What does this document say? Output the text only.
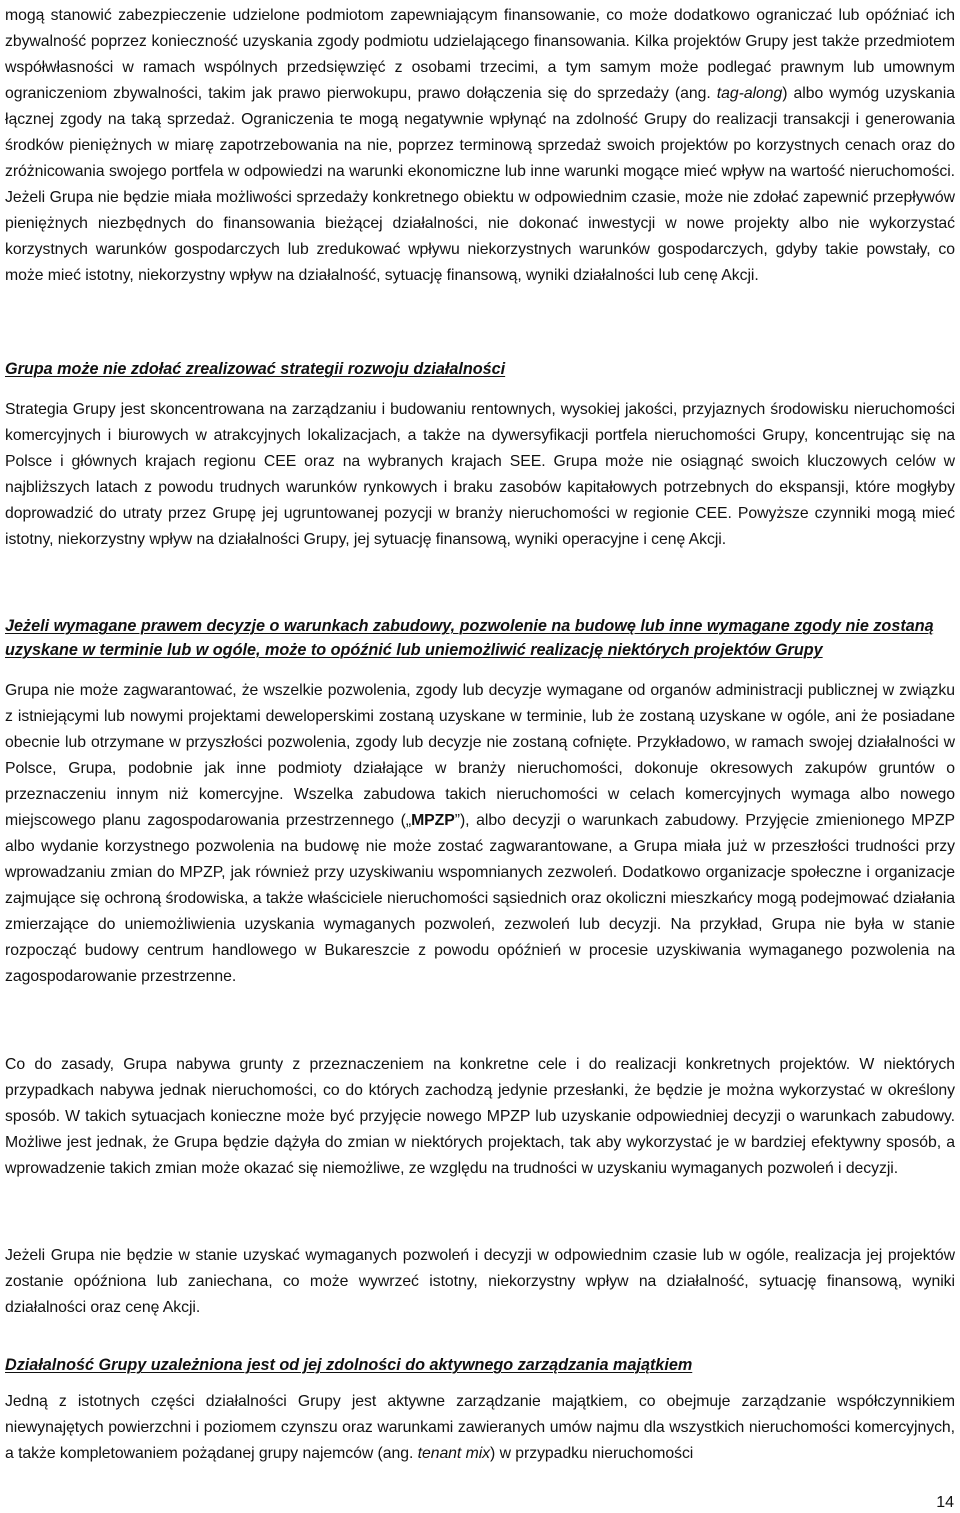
mogą stanowić zabezpieczenie udzielone podmiotom zapewniającym finansowanie, co może dodatkowo ograniczać lub opóźniać ich zbywalność poprzez konieczność uzyskania zgody podmiotu udzielającego finansowania. Kilka projektów Grupy jest także przedmiotem współwłasności w ramach wspólnych przedsięwzięć z osobami trzecimi, a tym samym może podlegać prawnym lub umownym ograniczeniom zbywalności, takim jak prawo pierwokupu, prawo dołączenia się do sprzedaży (ang. tag-along) albo wymóg uzyskania łącznej zgody na taką sprzedaż. Ograniczenia te mogą negatywnie wpłynąć na zdolność Grupy do realizacji transakcji i generowania środków pieniężnych w miarę zapotrzebowania na nie, poprzez terminową sprzedaż swoich projektów po korzystnych cenach oraz do zróżnicowania swojego portfela w odpowiedzi na warunki ekonomiczne lub inne warunki mogące mieć wpływ na wartość nieruchomości. Jeżeli Grupa nie będzie miała możliwości sprzedaży konkretnego obiektu w odpowiednim czasie, może nie zdołać zapewnić przepływów pieniężnych niezbędnych do finansowania bieżącej działalności, nie dokonać inwestycji w nowe projekty albo nie wykorzystać korzystnych warunków gospodarczych lub zredukować wpływu niekorzystnych warunków gospodarczych, gdyby takie powstały, co może mieć istotny, niekorzystny wpływ na działalność, sytuację finansową, wyniki działalności lub cenę Akcji.

Grupa może nie zdołać zrealizować strategii rozwoju działalności

Strategia Grupy jest skoncentrowana na zarządzaniu i budowaniu rentownych, wysokiej jakości, przyjaznych środowisku nieruchomości komercyjnych i biurowych w atrakcyjnych lokalizacjach, a także na dywersyfikacji portfela nieruchomości Grupy, koncentrując się na Polsce i głównych krajach regionu CEE oraz na wybranych krajach SEE. Grupa może nie osiągnąć swoich kluczowych celów w najbliższych latach z powodu trudnych warunków rynkowych i braku zasobów kapitałowych potrzebnych do ekspansji, które mogłyby doprowadzić do utraty przez Grupę jej ugruntowanej pozycji w branży nieruchomości w regionie CEE. Powyższe czynniki mogą mieć istotny, niekorzystny wpływ na działalności Grupy, jej sytuację finansową, wyniki operacyjne i cenę Akcji.

Jeżeli wymagane prawem decyzje o warunkach zabudowy, pozwolenie na budowę lub inne wymagane zgody nie zostaną uzyskane w terminie lub w ogóle, może to opóźnić lub uniemożliwić realizację niektórych projektów Grupy

Grupa nie może zagwarantować, że wszelkie pozwolenia, zgody lub decyzje wymagane od organów administracji publicznej w związku z istniejącymi lub nowymi projektami deweloperskimi zostaną uzyskane w terminie, lub że zostaną uzyskane w ogóle, ani że posiadane obecnie lub otrzymane w przyszłości pozwolenia, zgody lub decyzje nie zostaną cofnięte. Przykładowo, w ramach swojej działalności w Polsce, Grupa, podobnie jak inne podmioty działające w branży nieruchomości, dokonuje okresowych zakupów gruntów o przeznaczeniu innym niż komercyjne. Wszelka zabudowa takich nieruchomości w celach komercyjnych wymaga albo nowego miejscowego planu zagospodarowania przestrzennego („MPZP”), albo decyzji o warunkach zabudowy. Przyjęcie zmienionego MPZP albo wydanie korzystnego pozwolenia na budowę nie może zostać zagwarantowane, a Grupa miała już w przeszłości trudności przy wprowadzaniu zmian do MPZP, jak również przy uzyskiwaniu wspomnianych zezwoleń. Dodatkowo organizacje społeczne i organizacje zajmujące się ochroną środowiska, a także właściciele nieruchomości sąsiednich oraz okoliczni mieszkańcy mogą podejmować działania zmierzające do uniemożliwienia uzyskania wymaganych pozwoleń, zezwoleń lub decyzji. Na przykład, Grupa nie była w stanie rozpocząć budowy centrum handlowego w Bukareszcie z powodu opóźnień w procesie uzyskiwania wymaganego pozwolenia na zagospodarowanie przestrzenne.

Co do zasady, Grupa nabywa grunty z przeznaczeniem na konkretne cele i do realizacji konkretnych projektów. W niektórych przypadkach nabywa jednak nieruchomości, co do których zachodzą jedynie przesłanki, że będzie je można wykorzystać w określony sposób. W takich sytuacjach konieczne może być przyjęcie nowego MPZP lub uzyskanie odpowiedniej decyzji o warunkach zabudowy. Możliwe jest jednak, że Grupa będzie dążyła do zmian w niektórych projektach, tak aby wykorzystać je w bardziej efektywny sposób, a wprowadzenie takich zmian może okazać się niemożliwe, ze względu na trudności w uzyskaniu wymaganych pozwoleń i decyzji.

Jeżeli Grupa nie będzie w stanie uzyskać wymaganych pozwoleń i decyzji w odpowiednim czasie lub w ogóle, realizacja jej projektów zostanie opóźniona lub zaniechana, co może wywrzeć istotny, niekorzystny wpływ na działalność, sytuację finansową, wyniki działalności oraz cenę Akcji.

Działalność Grupy uzależniona jest od jej zdolności do aktywnego zarządzania majątkiem

Jedną z istotnych części działalności Grupy jest aktywne zarządzanie majątkiem, co obejmuje zarządzanie współczynnikiem niewynajętych powierzchni i poziomem czynszu oraz warunkami zawieranych umów najmu dla wszystkich nieruchomości komercyjnych, a także kompletowaniem pożądanej grupy najemców (ang. tenant mix) w przypadku nieruchomości

14
